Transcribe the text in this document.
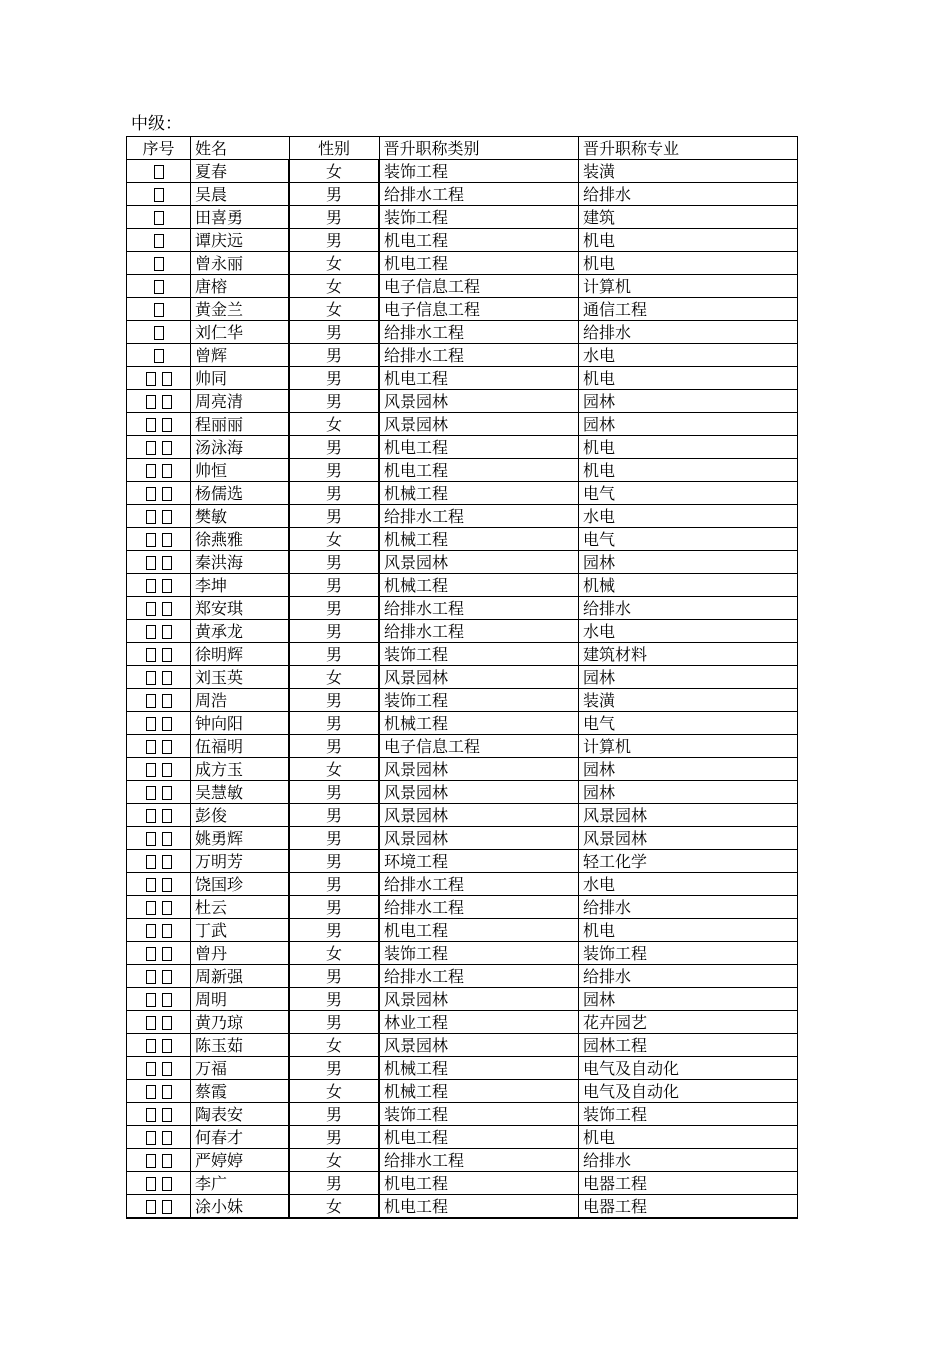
中级：
序号	姓名	性别	晋升职称类别	晋升职称专业
	夏春	女	装饰工程	装潢
	吴晨	男	给排水工程	给排水
	田喜勇	男	装饰工程	建筑
	谭庆远	男	机电工程	机电
	曾永丽	女	机电工程	机电
	唐榕	女	电子信息工程	计算机
	黄金兰	女	电子信息工程	通信工程
	刘仁华	男	给排水工程	给排水
	曾辉	男	给排水工程	水电
	帅同	男	机电工程	机电
	周亮清	男	风景园林	园林
	程丽丽	女	风景园林	园林
	汤泳海	男	机电工程	机电
	帅恒	男	机电工程	机电
	杨儒选	男	机械工程	电气
	樊敏	男	给排水工程	水电
	徐燕雅	女	机械工程	电气
	秦洪海	男	风景园林	园林
	李坤	男	机械工程	机械
	郑安琪	男	给排水工程	给排水
	黄承龙	男	给排水工程	水电
	徐明辉	男	装饰工程	建筑材料
	刘玉英	女	风景园林	园林
	周浩	男	装饰工程	装潢
	钟向阳	男	机械工程	电气
	伍福明	男	电子信息工程	计算机
	成方玉	女	风景园林	园林
	吴慧敏	男	风景园林	园林
	彭俊	男	风景园林	风景园林
	姚勇辉	男	风景园林	风景园林
	万明芳	男	环境工程	轻工化学
	饶国珍	男	给排水工程	水电
	杜云	男	给排水工程	给排水
	丁武	男	机电工程	机电
	曾丹	女	装饰工程	装饰工程
	周新强	男	给排水工程	给排水
	周明	男	风景园林	园林
	黄乃琼	男	林业工程	花卉园艺
	陈玉茹	女	风景园林	园林工程
	万福	男	机械工程	电气及自动化
	蔡霞	女	机械工程	电气及自动化
	陶表安	男	装饰工程	装饰工程
	何春才	男	机电工程	机电
	严婷婷	女	给排水工程	给排水
	李广	男	机电工程	电器工程
	涂小妹	女	机电工程	电器工程
